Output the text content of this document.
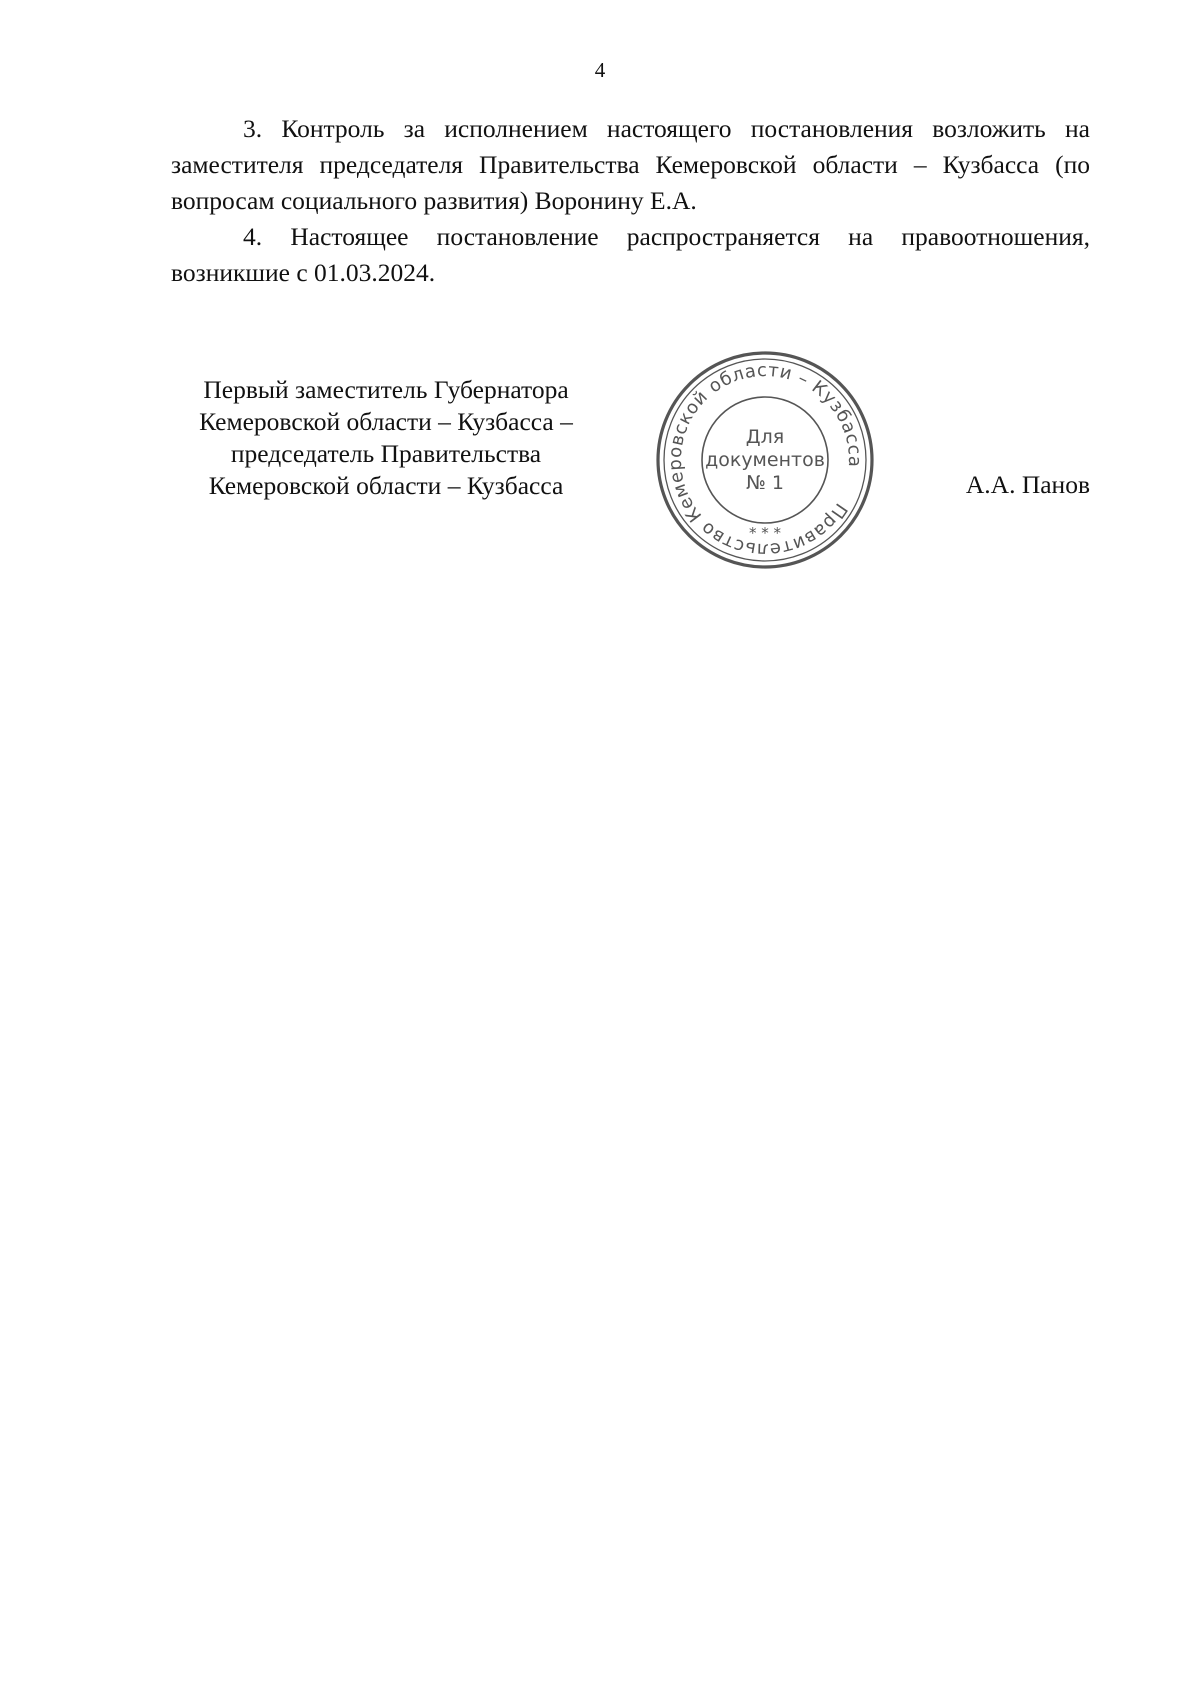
4

3. Контроль за исполнением настоящего постановления возложить на заместителя председателя Правительства Кемеровской области – Кузбасса (по вопросам социального развития) Воронину Е.А.

4. Настоящее постановление распространяется на правоотношения, возникшие с 01.03.2024.

Первый заместитель Губернатора
Кемеровской области – Кузбасса –
председатель Правительства
Кемеровской области – Кузбасса
Правительство Кемеровской области – Кузбасса
* * *
Для
документов
№ 1	А.А. Панов
